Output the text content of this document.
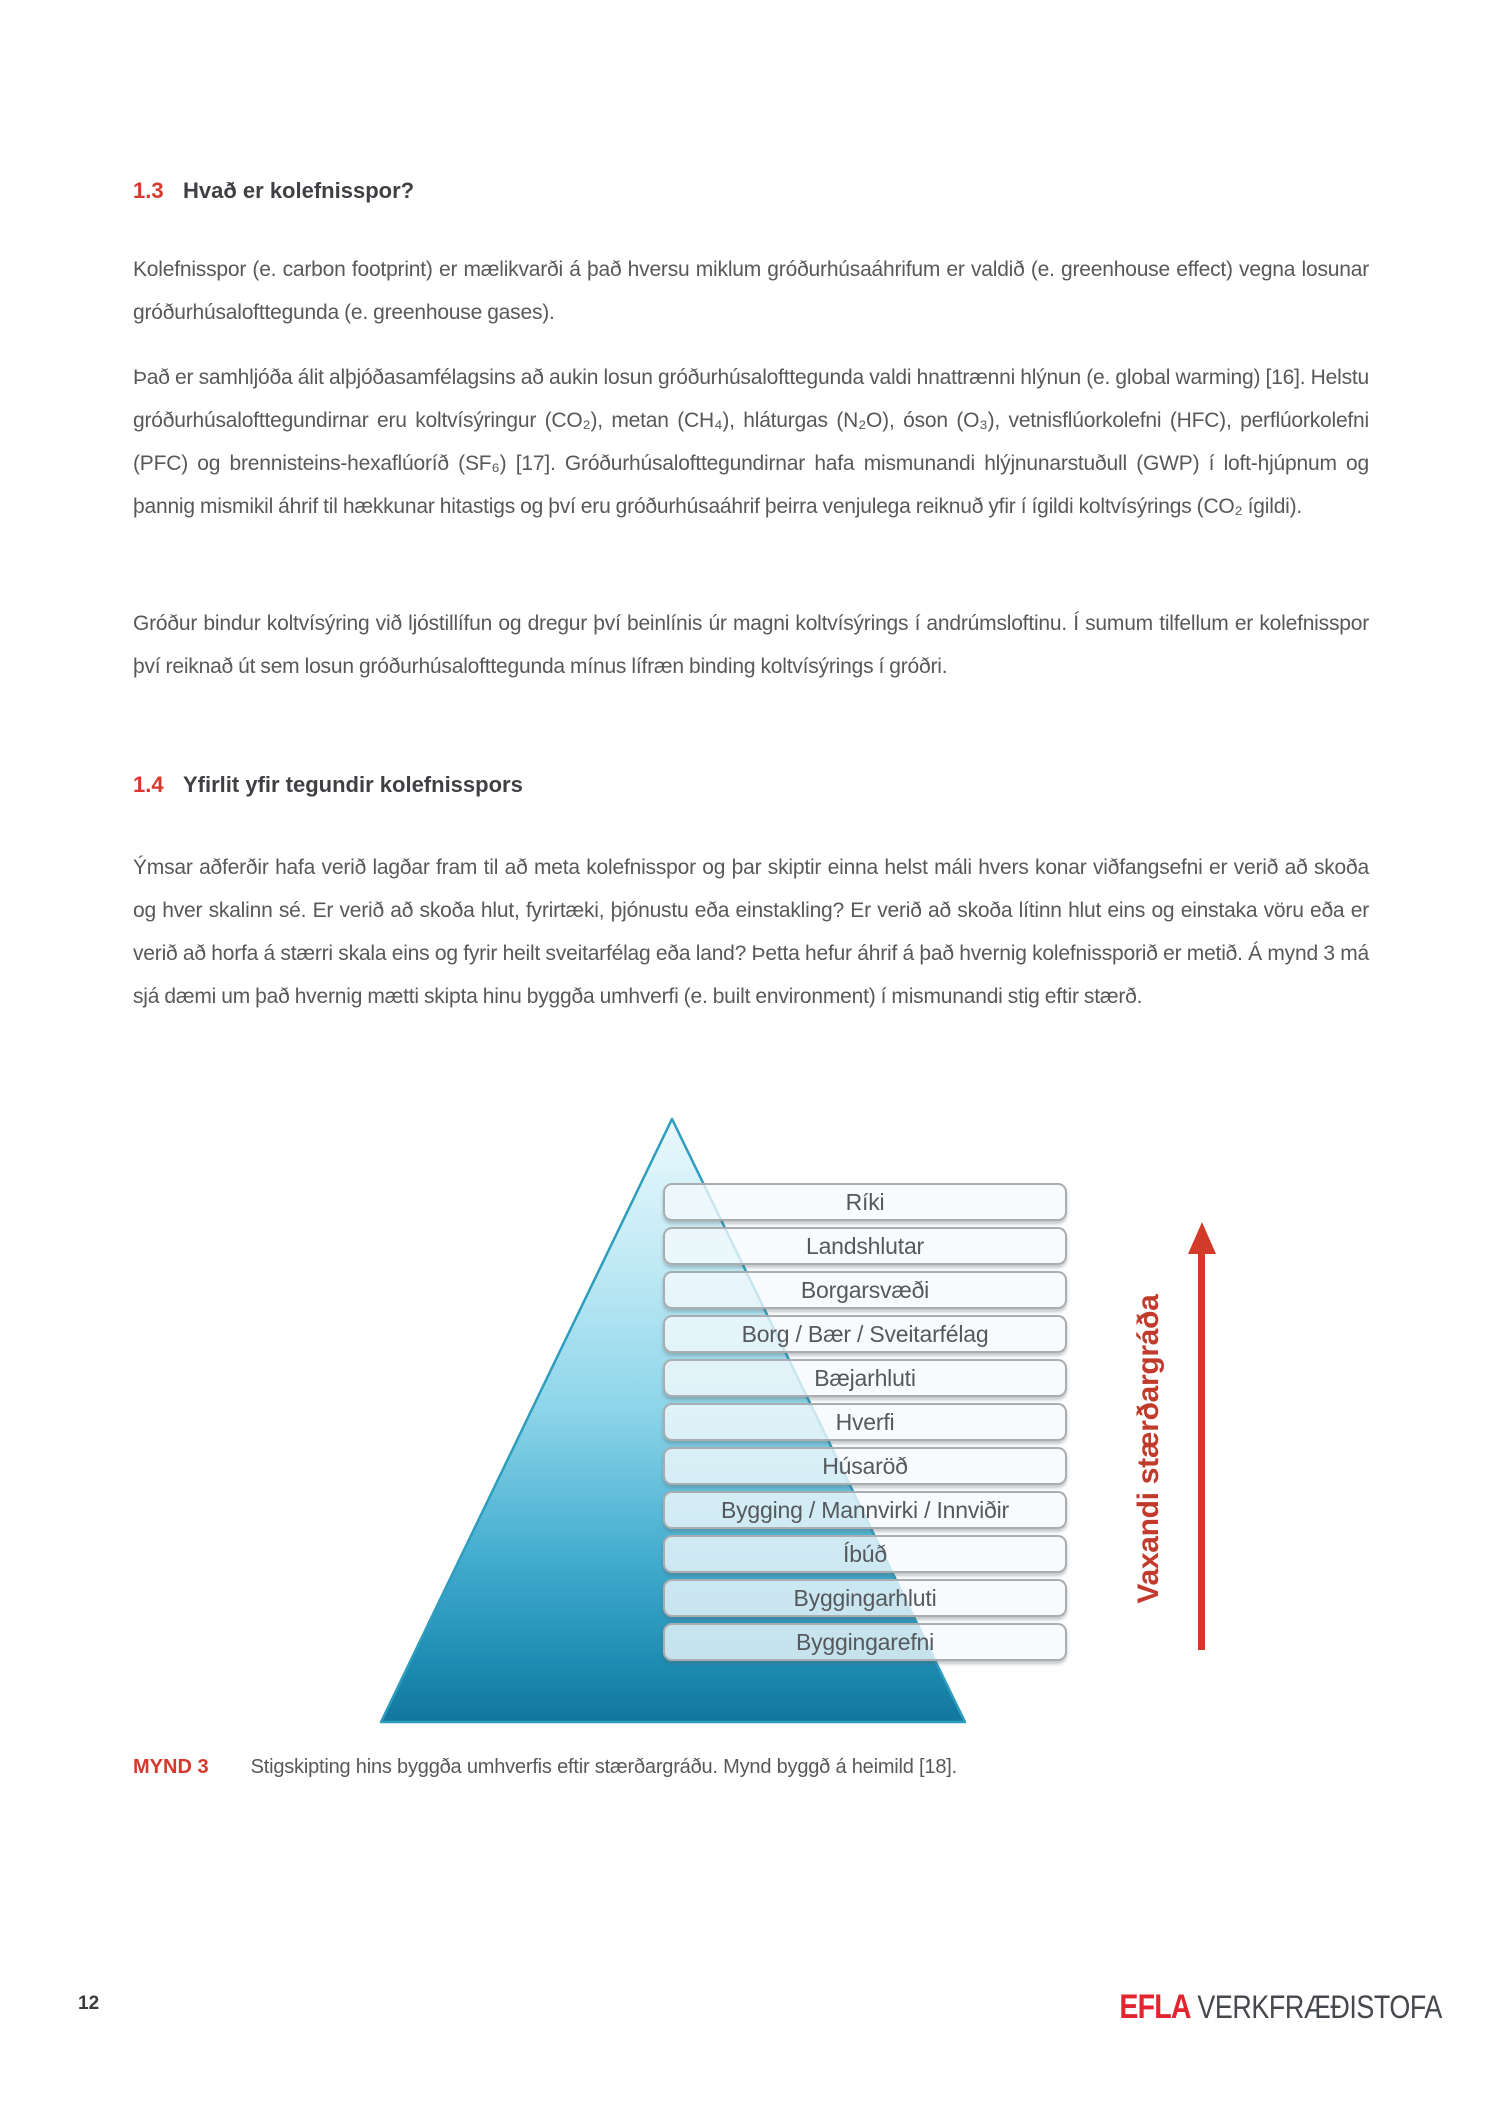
1.3 Hvað er kolefnisspor?

Kolefnisspor (e. carbon footprint) er mælikvarði á það hversu miklum gróðurhúsaáhrifum er valdið (e. greenhouse effect) vegna losunar gróðurhúsalofttegunda (e. greenhouse gases).

Það er samhljóða álit alþjóðasamfélagsins að aukin losun gróðurhúsalofttegunda valdi hnattrænni hlýnun (e. global warming) [16]. Helstu gróðurhúsalofttegundirnar eru koltvísýringur (CO₂), metan (CH₄), hláturgas (N₂O), óson (O₃), vetnisflúorkolefni (HFC), perflúorkolefni (PFC) og brennisteins-hexaflúoríð (SF₆) [17]. Gróðurhúsalofttegundirnar hafa mismunandi hlýjnunarstuðull (GWP) í loft-hjúpnum og þannig mismikil áhrif til hækkunar hitastigs og því eru gróðurhúsaáhrif þeirra venjulega reiknuð yfir í ígildi koltvísýrings (CO₂ ígildi).

Gróður bindur koltvísýring við ljóstillífun og dregur því beinlínis úr magni koltvísýrings í andrúmsloftinu. Í sumum tilfellum er kolefnisspor því reiknað út sem losun gróðurhúsalofttegunda mínus lífræn binding koltvísýrings í gróðri.

1.4 Yfirlit yfir tegundir kolefnisspors

Ýmsar aðferðir hafa verið lagðar fram til að meta kolefnisspor og þar skiptir einna helst máli hvers konar viðfangsefni er verið að skoða og hver skalinn sé. Er verið að skoða hlut, fyrirtæki, þjónustu eða einstakling? Er verið að skoða lítinn hlut eins og einstaka vöru eða er verið að horfa á stærri skala eins og fyrir heilt sveitarfélag eða land? Þetta hefur áhrif á það hvernig kolefnissporið er metið. Á mynd 3 má sjá dæmi um það hvernig mætti skipta hinu byggða umhverfi (e. built environment) í mismunandi stig eftir stærð.

Ríki
Landshlutar
Borgarsvæði
Borg / Bær / Sveitarfélag
Bæjarhluti
Hverfi
Húsaröð
Bygging / Mannvirki / Innviðir
Íbúð
Byggingarhluti
Byggingarefni
Vaxandi stærðargráða
MYND 3 Stigskipting hins byggða umhverfis eftir stærðargráðu. Mynd byggð á heimild [18].
12	EFLA VERKFRÆÐISTOFA
